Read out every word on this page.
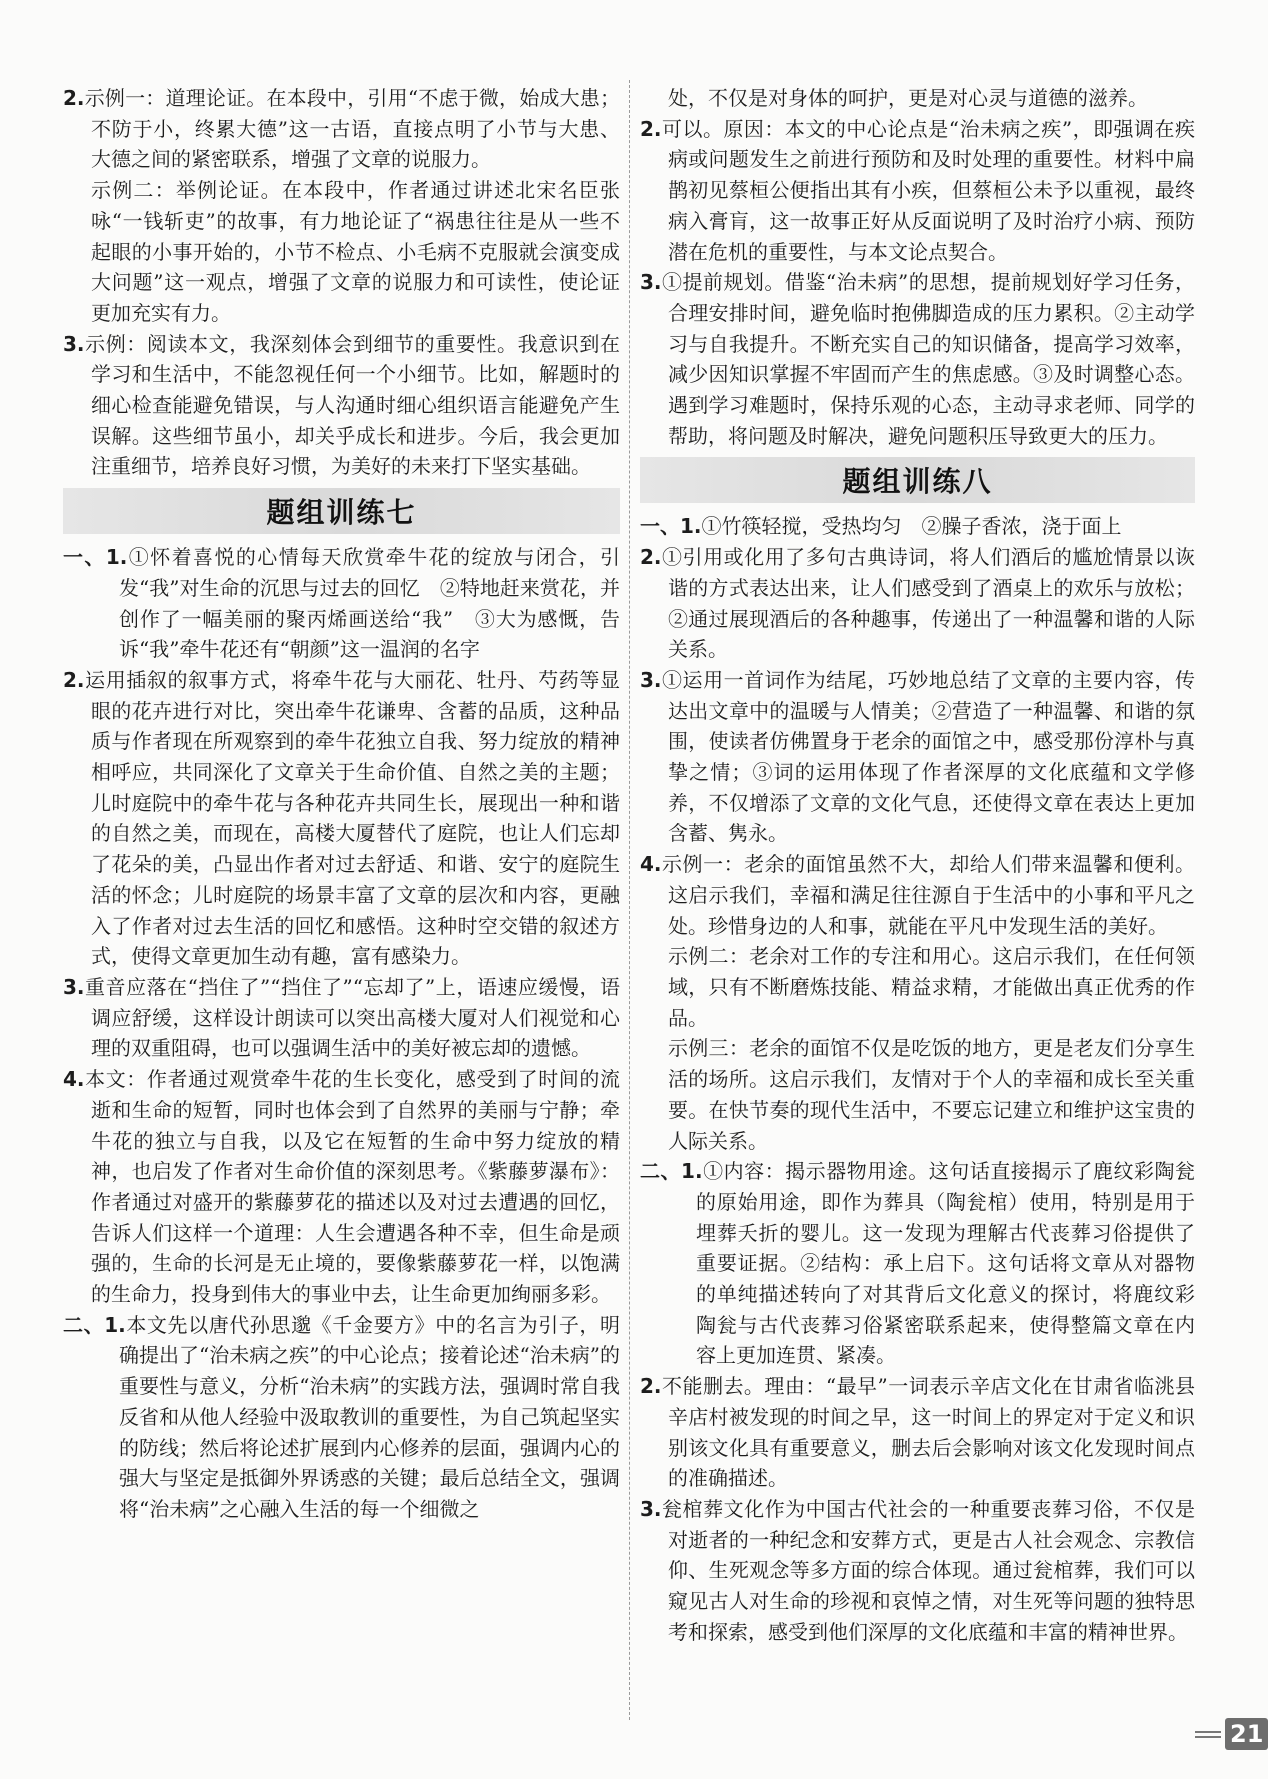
2.示例一：道理论证。在本段中，引用“不虑于微，始成大患；不防于小，终累大德”这一古语，直接点明了小节与大患、大德之间的紧密联系，增强了文章的说服力。

示例二：举例论证。在本段中，作者通过讲述北宋名臣张咏“一钱斩吏”的故事，有力地论证了“祸患往往是从一些不起眼的小事开始的，小节不检点、小毛病不克服就会演变成大问题”这一观点，增强了文章的说服力和可读性，使论证更加充实有力。

3.示例：阅读本文，我深刻体会到细节的重要性。我意识到在学习和生活中，不能忽视任何一个小细节。比如，解题时的细心检查能避免错误，与人沟通时细心组织语言能避免产生误解。这些细节虽小，却关乎成长和进步。今后，我会更加注重细节，培养良好习惯，为美好的未来打下坚实基础。

题组训练七

一、1.①怀着喜悦的心情每天欣赏牵牛花的绽放与闭合，引发“我”对生命的沉思与过去的回忆　②特地赶来赏花，并创作了一幅美丽的聚丙烯画送给“我”　③大为感慨，告诉“我”牵牛花还有“朝颜”这一温润的名字

2.运用插叙的叙事方式，将牵牛花与大丽花、牡丹、芍药等显眼的花卉进行对比，突出牵牛花谦卑、含蓄的品质，这种品质与作者现在所观察到的牵牛花独立自我、努力绽放的精神相呼应，共同深化了文章关于生命价值、自然之美的主题；儿时庭院中的牵牛花与各种花卉共同生长，展现出一种和谐的自然之美，而现在，高楼大厦替代了庭院，也让人们忘却了花朵的美，凸显出作者对过去舒适、和谐、安宁的庭院生活的怀念；儿时庭院的场景丰富了文章的层次和内容，更融入了作者对过去生活的回忆和感悟。这种时空交错的叙述方式，使得文章更加生动有趣，富有感染力。

3.重音应落在“挡住了”“挡住了”“忘却了”上，语速应缓慢，语调应舒缓，这样设计朗读可以突出高楼大厦对人们视觉和心理的双重阻碍，也可以强调生活中的美好被忘却的遗憾。

4.本文：作者通过观赏牵牛花的生长变化，感受到了时间的流逝和生命的短暂，同时也体会到了自然界的美丽与宁静；牵牛花的独立与自我，以及它在短暂的生命中努力绽放的精神，也启发了作者对生命价值的深刻思考。《紫藤萝瀑布》：作者通过对盛开的紫藤萝花的描述以及对过去遭遇的回忆，告诉人们这样一个道理：人生会遭遇各种不幸，但生命是顽强的，生命的长河是无止境的，要像紫藤萝花一样，以饱满的生命力，投身到伟大的事业中去，让生命更加绚丽多彩。

二、1.本文先以唐代孙思邈《千金要方》中的名言为引子，明确提出了“治未病之疾”的中心论点；接着论述“治未病”的重要性与意义，分析“治未病”的实践方法，强调时常自我反省和从他人经验中汲取教训的重要性，为自己筑起坚实的防线；然后将论述扩展到内心修养的层面，强调内心的强大与坚定是抵御外界诱惑的关键；最后总结全文，强调将“治未病”之心融入生活的每一个细微之

处，不仅是对身体的呵护，更是对心灵与道德的滋养。

2.可以。原因：本文的中心论点是“治未病之疾”，即强调在疾病或问题发生之前进行预防和及时处理的重要性。材料中扁鹊初见蔡桓公便指出其有小疾，但蔡桓公未予以重视，最终病入膏肓，这一故事正好从反面说明了及时治疗小病、预防潜在危机的重要性，与本文论点契合。

3.①提前规划。借鉴“治未病”的思想，提前规划好学习任务，合理安排时间，避免临时抱佛脚造成的压力累积。②主动学习与自我提升。不断充实自己的知识储备，提高学习效率，减少因知识掌握不牢固而产生的焦虑感。③及时调整心态。遇到学习难题时，保持乐观的心态，主动寻求老师、同学的帮助，将问题及时解决，避免问题积压导致更大的压力。

题组训练八

一、1.①竹筷轻搅，受热均匀　②臊子香浓，浇于面上

2.①引用或化用了多句古典诗词，将人们酒后的尴尬情景以诙谐的方式表达出来，让人们感受到了酒桌上的欢乐与放松；②通过展现酒后的各种趣事，传递出了一种温馨和谐的人际关系。

3.①运用一首词作为结尾，巧妙地总结了文章的主要内容，传达出文章中的温暖与人情美；②营造了一种温馨、和谐的氛围，使读者仿佛置身于老余的面馆之中，感受那份淳朴与真挚之情；③词的运用体现了作者深厚的文化底蕴和文学修养，不仅增添了文章的文化气息，还使得文章在表达上更加含蓄、隽永。

4.示例一：老余的面馆虽然不大，却给人们带来温馨和便利。这启示我们，幸福和满足往往源自于生活中的小事和平凡之处。珍惜身边的人和事，就能在平凡中发现生活的美好。

示例二：老余对工作的专注和用心。这启示我们，在任何领域，只有不断磨炼技能、精益求精，才能做出真正优秀的作品。

示例三：老余的面馆不仅是吃饭的地方，更是老友们分享生活的场所。这启示我们，友情对于个人的幸福和成长至关重要。在快节奏的现代生活中，不要忘记建立和维护这宝贵的人际关系。

二、1.①内容：揭示器物用途。这句话直接揭示了鹿纹彩陶瓮的原始用途，即作为葬具（陶瓮棺）使用，特别是用于埋葬夭折的婴儿。这一发现为理解古代丧葬习俗提供了重要证据。②结构：承上启下。这句话将文章从对器物的单纯描述转向了对其背后文化意义的探讨，将鹿纹彩陶瓮与古代丧葬习俗紧密联系起来，使得整篇文章在内容上更加连贯、紧凑。

2.不能删去。理由：“最早”一词表示辛店文化在甘肃省临洮县辛店村被发现的时间之早，这一时间上的界定对于定义和识别该文化具有重要意义，删去后会影响对该文化发现时间点的准确描述。

3.瓮棺葬文化作为中国古代社会的一种重要丧葬习俗，不仅是对逝者的一种纪念和安葬方式，更是古人社会观念、宗教信仰、生死观念等多方面的综合体现。通过瓮棺葬，我们可以窥见古人对生命的珍视和哀悼之情，对生死等问题的独特思考和探索，感受到他们深厚的文化底蕴和丰富的精神世界。

21
